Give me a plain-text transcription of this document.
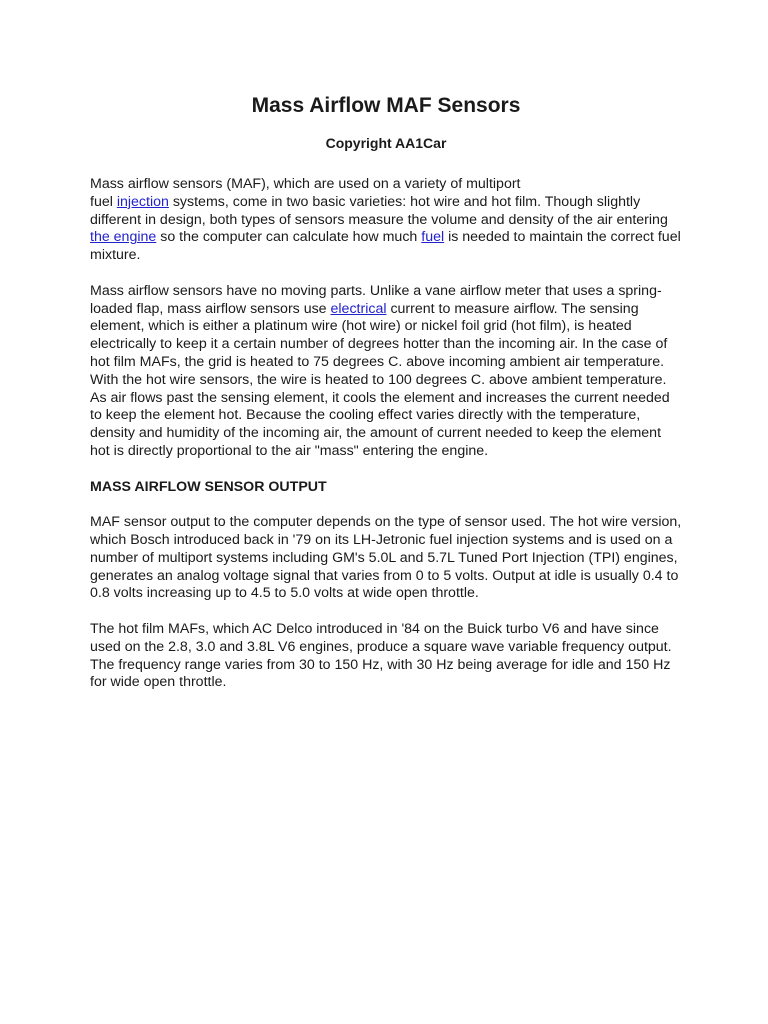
Mass Airflow MAF Sensors
Copyright AA1Car

Mass airflow sensors (MAF), which are used on a variety of multiport
fuel injection systems, come in two basic varieties: hot wire and hot film. Though slightly different in design, both types of sensors measure the volume and density of the air entering the engine so the computer can calculate how much fuel is needed to maintain the correct fuel mixture.

Mass airflow sensors have no moving parts. Unlike a vane airflow meter that uses a spring-loaded flap, mass airflow sensors use electrical current to measure airflow. The sensing element, which is either a platinum wire (hot wire) or nickel foil grid (hot film), is heated electrically to keep it a certain number of degrees hotter than the incoming air. In the case of hot film MAFs, the grid is heated to 75 degrees C. above incoming ambient air temperature. With the hot wire sensors, the wire is heated to 100 degrees C. above ambient temperature. As air flows past the sensing element, it cools the element and increases the current needed to keep the element hot. Because the cooling effect varies directly with the temperature, density and humidity of the incoming air, the amount of current needed to keep the element hot is directly proportional to the air "mass" entering the engine.

MASS AIRFLOW SENSOR OUTPUT

MAF sensor output to the computer depends on the type of sensor used. The hot wire version, which Bosch introduced back in '79 on its LH-Jetronic fuel injection systems and is used on a number of multiport systems including GM's 5.0L and 5.7L Tuned Port Injection (TPI) engines, generates an analog voltage signal that varies from 0 to 5 volts. Output at idle is usually 0.4 to 0.8 volts increasing up to 4.5 to 5.0 volts at wide open throttle.

The hot film MAFs, which AC Delco introduced in '84 on the Buick turbo V6 and have since used on the 2.8, 3.0 and 3.8L V6 engines, produce a square wave variable frequency output. The frequency range varies from 30 to 150 Hz, with 30 Hz being average for idle and 150 Hz for wide open throttle.
